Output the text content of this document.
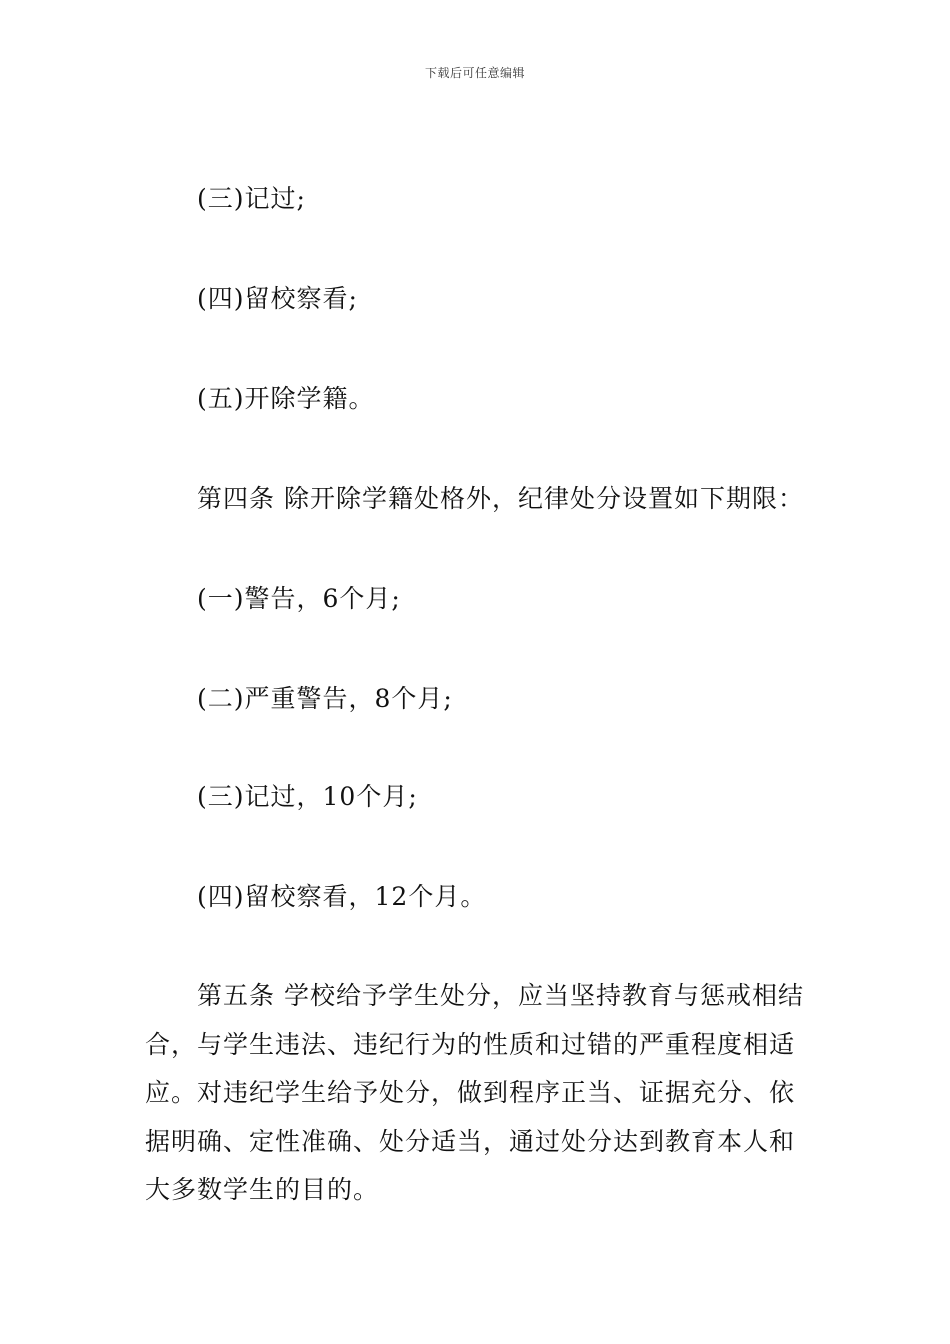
下载后可任意编辑
(三)记过;
(四)留校察看;
(五)开除学籍。
第四条 除开除学籍处格外，纪律处分设置如下期限：
(一)警告，6个月;
(二)严重警告，8个月;
(三)记过，10个月;
(四)留校察看，12个月。
第五条 学校给予学生处分，应当坚持教育与惩戒相结合，与学生违法、违纪行为的性质和过错的严重程度相适应。对违纪学生给予处分，做到程序正当、证据充分、依据明确、定性准确、处分适当，通过处分达到教育本人和大多数学生的目的。
